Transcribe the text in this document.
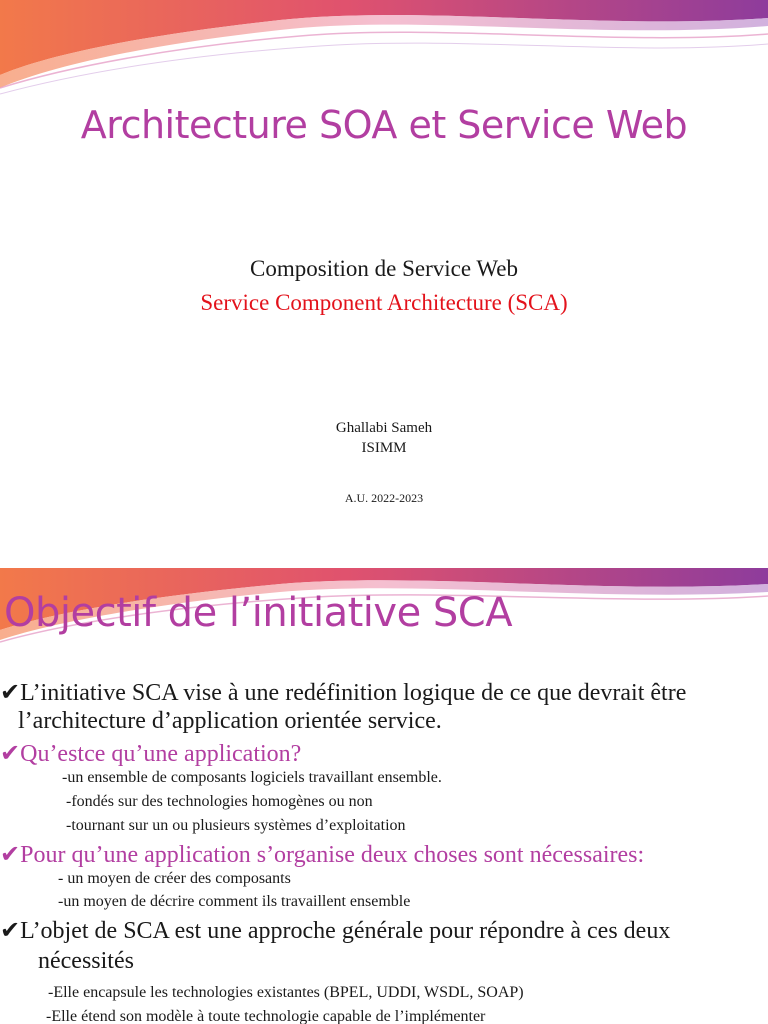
Architecture SOA et Service Web
Composition de Service Web
Service Component Architecture (SCA)
Ghallabi Sameh
ISIMM
A.U. 2022-2023
Objectif de l’initiative SCA
✔L’initiative SCA vise à une redéfinition logique de ce que devrait être
l’architecture d’application orientée service.
✔Qu’estce qu’une application?
-un ensemble de composants logiciels travaillant ensemble.
-fondés sur des technologies homogènes ou non
-tournant sur un ou plusieurs systèmes d’exploitation
✔Pour qu’une application s’organise deux choses sont nécessaires:
- un moyen de créer des composants
-un moyen de décrire comment ils travaillent ensemble
✔L’objet de SCA est une approche générale pour répondre à ces deux
nécessités
-Elle encapsule les technologies existantes (BPEL, UDDI, WSDL, SOAP)
-Elle étend son modèle à toute technologie capable de l’implémenter
